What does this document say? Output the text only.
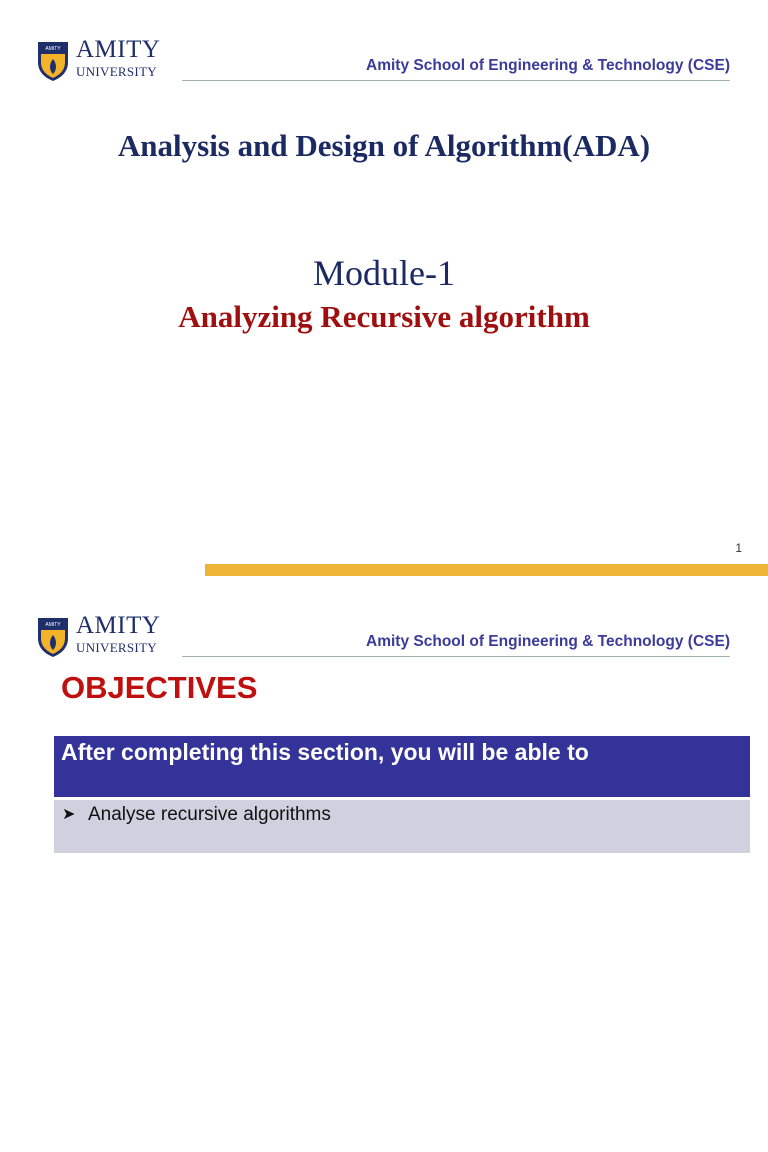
AMITY AMITY
UNIVERSITY	Amity School of Engineering & Technology (CSE)
Analysis and Design of Algorithm(ADA)
Module-1
Analyzing Recursive algorithm
1
AMITY AMITY
UNIVERSITY	Amity School of Engineering & Technology (CSE)
OBJECTIVES
After completing this section, you will be able to
➤ Analyse recursive algorithms
